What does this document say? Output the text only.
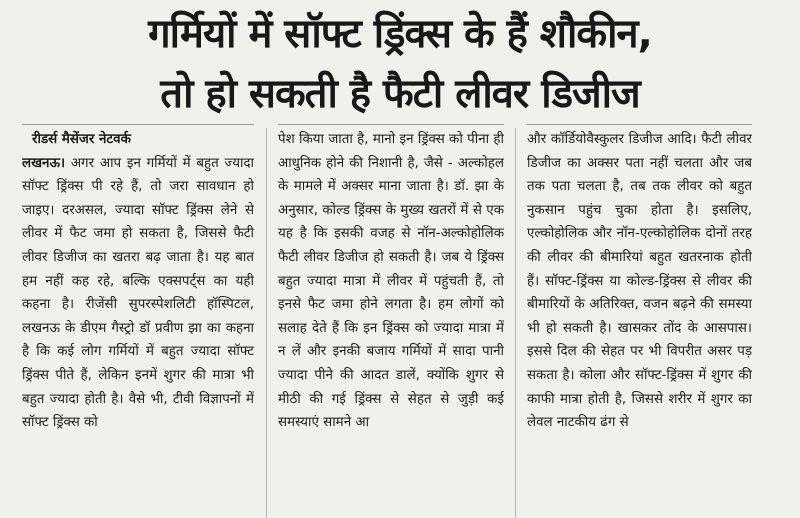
गर्मियों में सॉफ्ट ड्रिंक्स के हैं शौकीन,
तो हो सकती है फैटी लीवर डिजीज
रीडर्स मैसेंजर नेटवर्क

लखनऊ। अगर आप इन गर्मियों में बहुत ज्यादा सॉफ्ट ड्रिंक्स पी रहे हैं, तो जरा सावधान हो जाइए। दरअसल, ज्यादा सॉफ्ट ड्रिंक्स लेने से लीवर में फैट जमा हो सकता है, जिससे फैटी लीवर डिजीज का खतरा बढ़ जाता है। यह बात हम नहीं कह रहे, बल्कि एक्सपर्ट्स का यही कहना है। रीजेंसी सुपरस्पेशलिटी हॉस्पिटल, लखनऊ के डीएम गैस्ट्रो डॉ प्रवीण झा का कहना है कि कई लोग गर्मियों में बहुत ज्यादा सॉफ्ट ड्रिंक्स पीते हैं, लेकिन इनमें शुगर की मात्रा भी बहुत ज्यादा होती है। वैसे भी, टीवी विज्ञापनों में सॉफ्ट ड्रिंक्स को

पेश किया जाता है, मानो इन ड्रिंक्स को पीना ही आधुनिक होने की निशानी है, जैसे - अल्कोहल के मामले में अक्सर माना जाता है। डॉ. झा के अनुसार, कोल्ड ड्रिंक्स के मुख्य खतरों में से एक यह है कि इसकी वजह से नॉन-अल्कोहोलिक फैटी लीवर डिजीज हो सकती है। जब ये ड्रिंक्स बहुत ज्यादा मात्रा में लीवर में पहुंचती हैं, तो इनसे फैट जमा होने लगता है। हम लोगों को सलाह देते हैं कि इन ड्रिंक्स को ज्यादा मात्रा में न लें और इनकी बजाय गर्मियों में सादा पानी ज्यादा पीने की आदत डालें, क्योंकि शुगर से मीठी की गई ड्रिंक्स से सेहत से जुड़ी कई समस्याएं सामने आ

और कॉर्डियोवैस्कुलर डिजीज आदि। फैटी लीवर डिजीज का अक्सर पता नहीं चलता और जब तक पता चलता है, तब तक लीवर को बहुत नुकसान पहुंच चुका होता है। इसलिए, एल्कोहोलिक और नॉन-एल्कोहोलिक दोनों तरह की लीवर की बीमारियां बहुत खतरनाक होती हैं। सॉफ्ट-ड्रिंक्स या कोल्ड-ड्रिंक्स से लीवर की बीमारियों के अतिरिक्त, वजन बढ़ने की समस्या भी हो सकती है। खासकर तोंद के आसपास। इससे दिल की सेहत पर भी विपरीत असर पड़ सकता है। कोला और सॉफ्ट-ड्रिंक्स में शुगर की काफी मात्रा होती है, जिससे शरीर में शुगर का लेवल नाटकीय ढंग से
